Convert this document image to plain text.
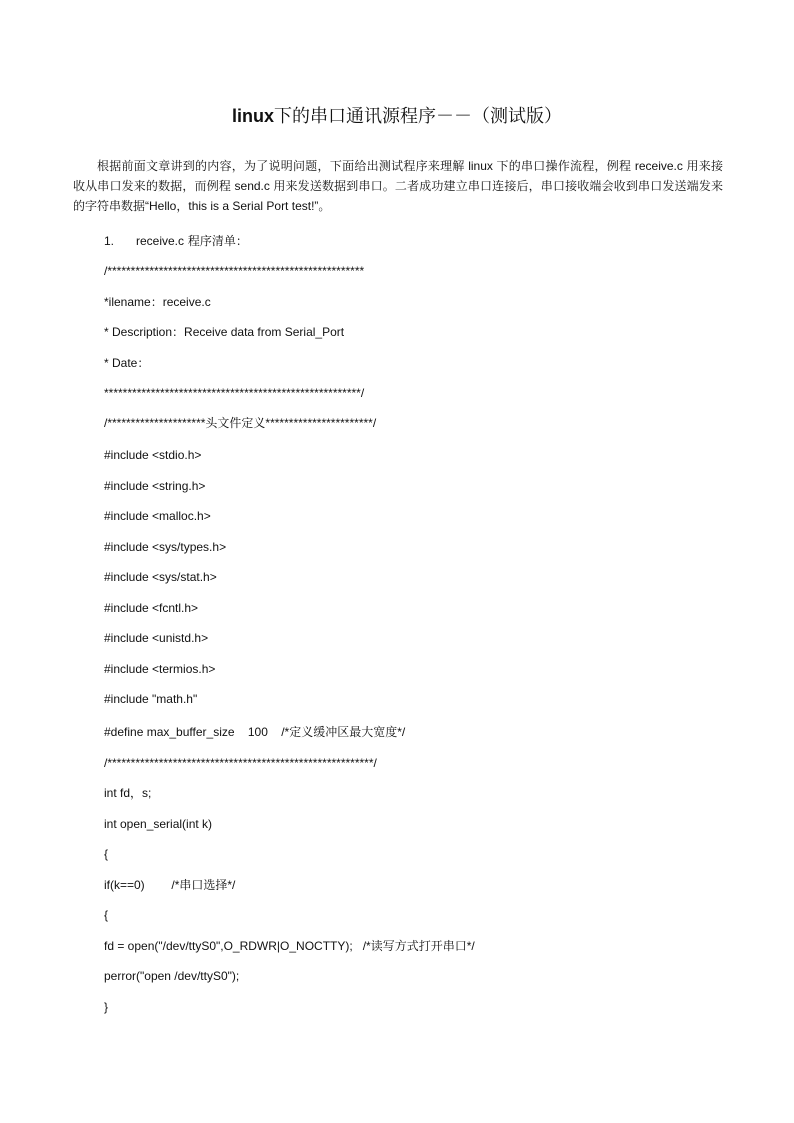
linux下的串口通讯源程序－－（测试版）

根据前面文章讲到的内容，为了说明问题，下面给出测试程序来理解 linux 下的串口操作流程，例程 receive.c 用来接收从串口发来的数据，而例程 send.c 用来发送数据到串口。二者成功建立串口连接后，串口接收端会收到串口发送端发来的字符串数据“Hello，this is a Serial Port test!”。

1. receive.c 程序清单：
/*******************************************************
*ilename：receive.c
* Description：Receive data from Serial_Port
* Date：
*******************************************************/
/*********************头文件定义***********************/
#include <stdio.h>
#include <string.h>
#include <malloc.h>
#include <sys/types.h>
#include <sys/stat.h>
#include <fcntl.h>
#include <unistd.h>
#include <termios.h>
#include "math.h"
#define max_buffer_size    100    /*定义缓冲区最大宽度*/
/*********************************************************/
int fd，s;
int open_serial(int k)
{
if(k==0)        /*串口选择*/
{
fd = open("/dev/ttyS0",O_RDWR|O_NOCTTY);   /*读写方式打开串口*/
perror("open /dev/ttyS0");
}
